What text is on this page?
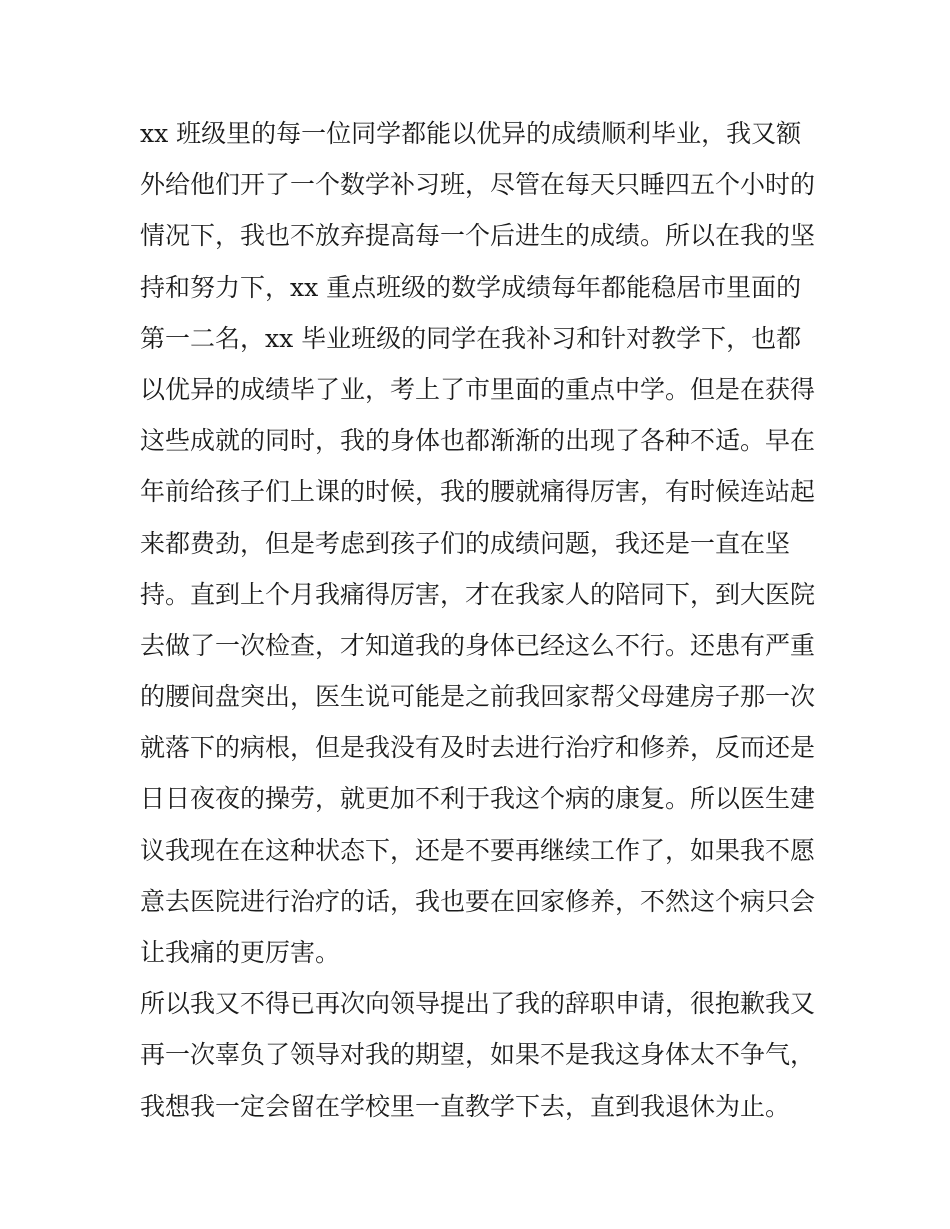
xx 班级里的每一位同学都能以优异的成绩顺利毕业，我又额
外给他们开了一个数学补习班，尽管在每天只睡四五个小时的
情况下，我也不放弃提高每一个后进生的成绩。所以在我的坚
持和努力下，xx 重点班级的数学成绩每年都能稳居市里面的
第一二名，xx 毕业班级的同学在我补习和针对教学下，也都
以优异的成绩毕了业，考上了市里面的重点中学。但是在获得
这些成就的同时，我的身体也都渐渐的出现了各种不适。早在
年前给孩子们上课的时候，我的腰就痛得厉害，有时候连站起
来都费劲，但是考虑到孩子们的成绩问题，我还是一直在坚
持。直到上个月我痛得厉害，才在我家人的陪同下，到大医院
去做了一次检查，才知道我的身体已经这么不行。还患有严重
的腰间盘突出，医生说可能是之前我回家帮父母建房子那一次
就落下的病根，但是我没有及时去进行治疗和修养，反而还是
日日夜夜的操劳，就更加不利于我这个病的康复。所以医生建
议我现在在这种状态下，还是不要再继续工作了，如果我不愿
意去医院进行治疗的话，我也要在回家修养，不然这个病只会
让我痛的更厉害。
所以我又不得已再次向领导提出了我的辞职申请，很抱歉我又
再一次辜负了领导对我的期望，如果不是我这身体太不争气，
我想我一定会留在学校里一直教学下去，直到我退休为止。
